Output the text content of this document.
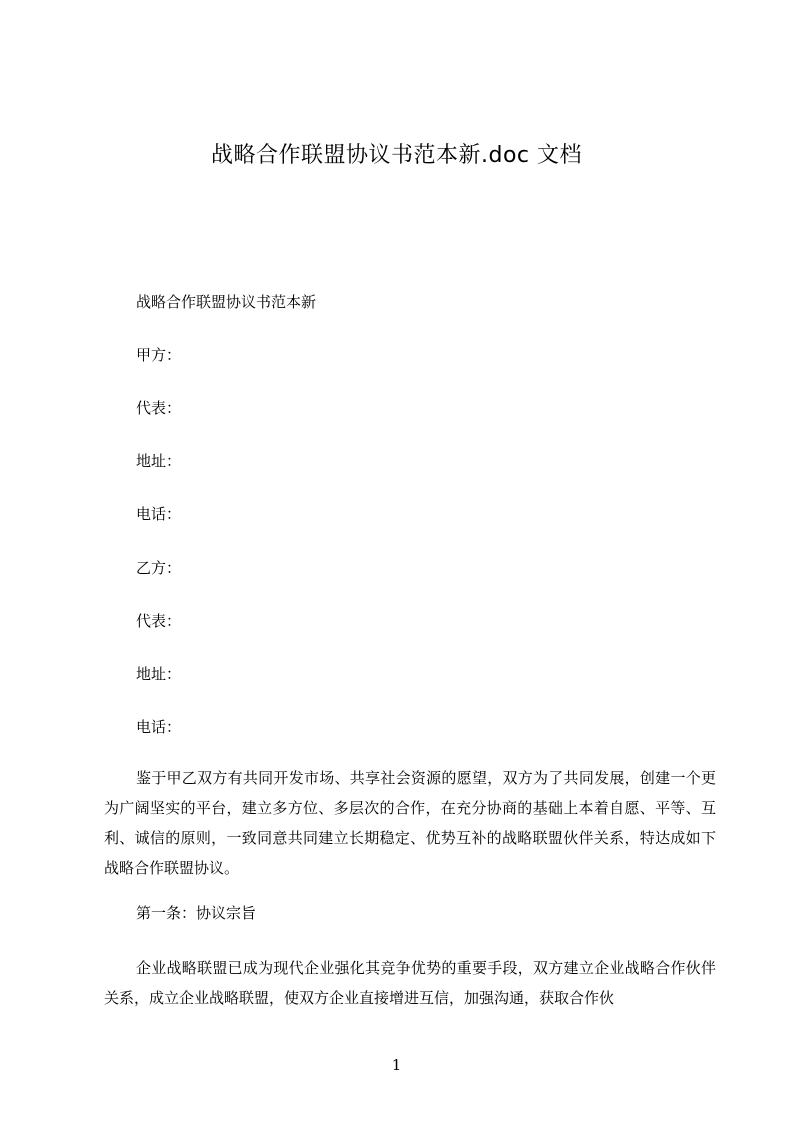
战略合作联盟协议书范本新.doc 文档
战略合作联盟协议书范本新
甲方：
代表：
地址：
电话：
乙方：
代表：
地址：
电话：

鉴于甲乙双方有共同开发市场、共享社会资源的愿望，双方为了共同发展，创建一个更为广阔坚实的平台，建立多方位、多层次的合作，在充分协商的基础上本着自愿、平等、互利、诚信的原则，一致同意共同建立长期稳定、优势互补的战略联盟伙伴关系，特达成如下战略合作联盟协议。

第一条：协议宗旨

企业战略联盟已成为现代企业强化其竞争优势的重要手段，双方建立企业战略合作伙伴关系，成立企业战略联盟，使双方企业直接增进互信，加强沟通，获取合作伙

1
